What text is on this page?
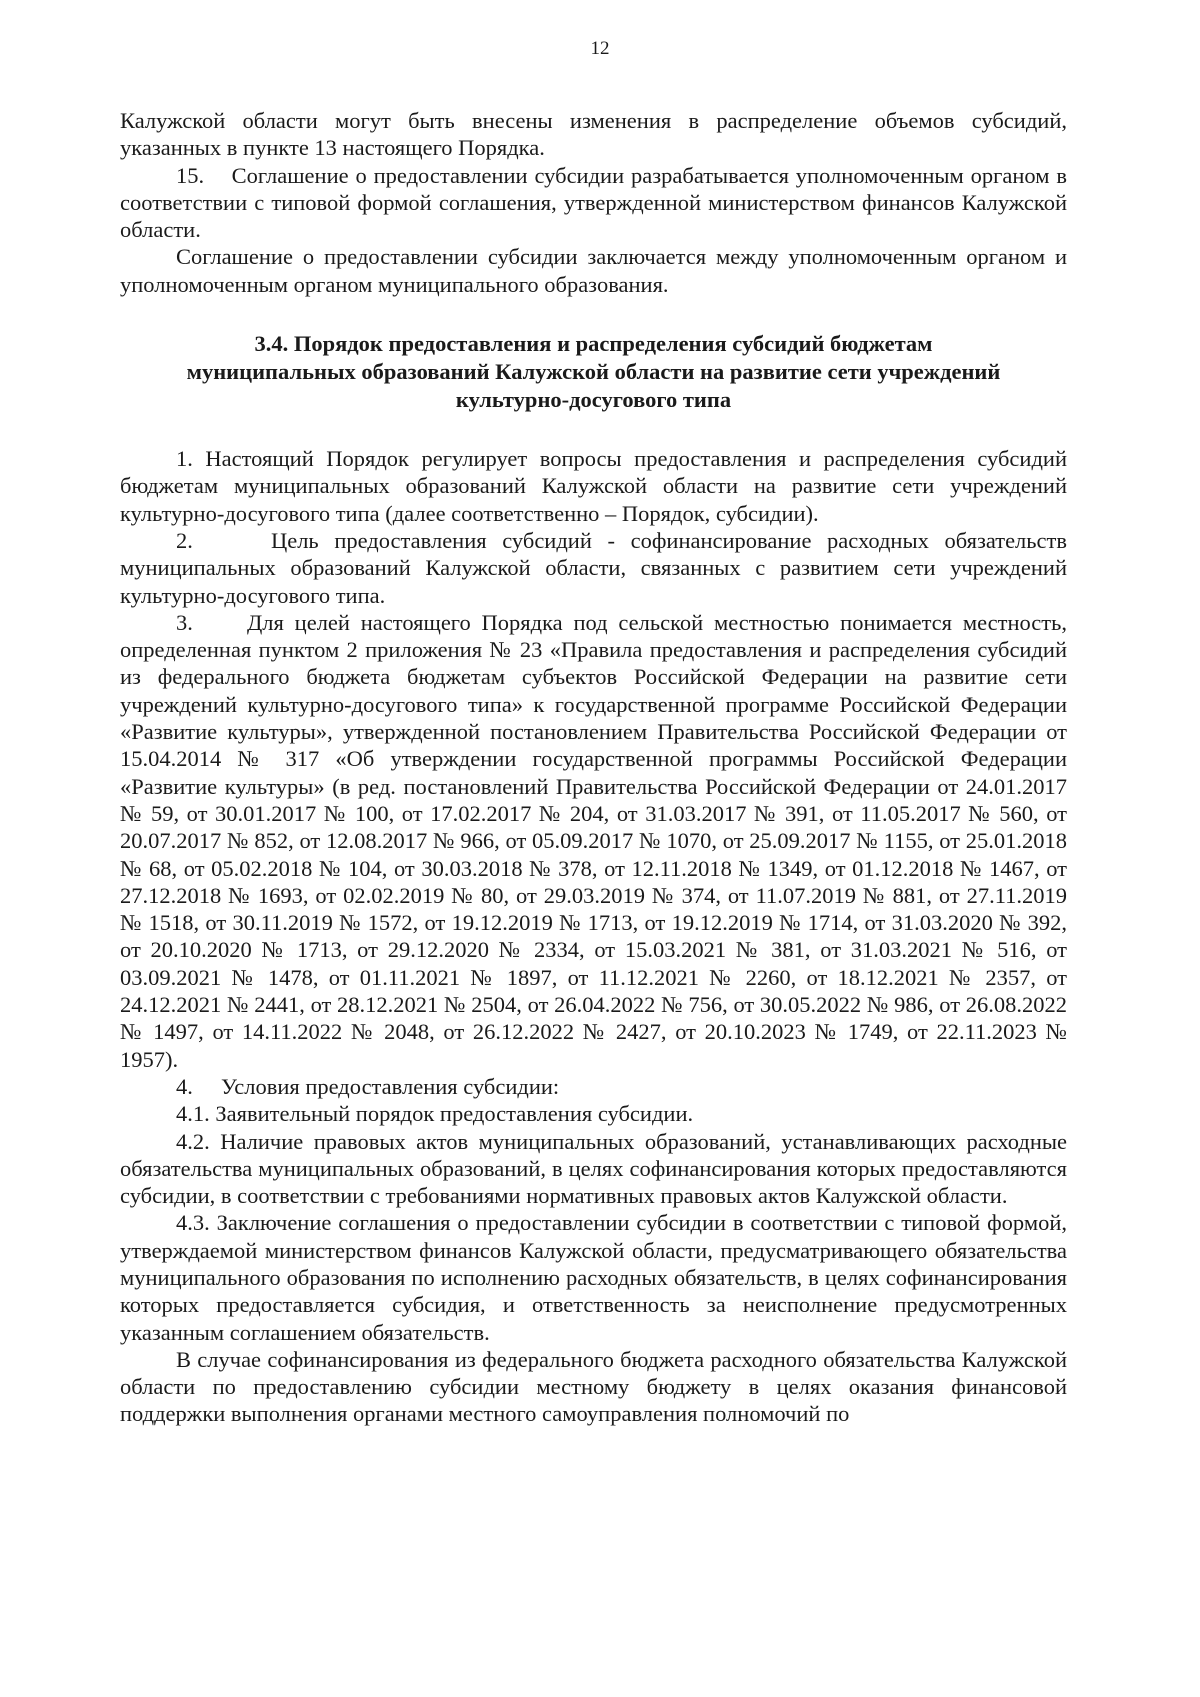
12

Калужской области могут быть внесены изменения в распределение объемов субсидий, указанных в пункте 13 настоящего Порядка.

15.    Соглашение о предоставлении субсидии разрабатывается уполномоченным органом в соответствии с типовой формой соглашения, утвержденной министерством финансов Калужской области.

Соглашение о предоставлении субсидии заключается между уполномоченным органом и уполномоченным органом муниципального образования.

3.4. Порядок предоставления и распределения субсидий бюджетам
муниципальных образований Калужской области на развитие сети учреждений
культурно-досугового типа

1. Настоящий Порядок регулирует вопросы предоставления и распределения субсидий бюджетам муниципальных образований Калужской области на развитие сети учреждений культурно-досугового типа (далее соответственно – Порядок, субсидии).

2.     Цель предоставления субсидий - софинансирование расходных обязательств муниципальных образований Калужской области, связанных с развитием сети учреждений культурно-досугового типа.

3.     Для целей настоящего Порядка под сельской местностью понимается местность, определенная пунктом 2 приложения № 23 «Правила предоставления и распределения субсидий из федерального бюджета бюджетам субъектов Российской Федерации на развитие сети учреждений культурно-досугового типа» к государственной программе Российской Федерации «Развитие культуры», утвержденной постановлением Правительства Российской Федерации от 15.04.2014 № 317 «Об утверждении государственной программы Российской Федерации «Развитие культуры» (в ред. постановлений Правительства Российской Федерации от 24.01.2017 № 59, от 30.01.2017 № 100, от 17.02.2017 № 204, от 31.03.2017 № 391, от 11.05.2017 № 560, от 20.07.2017 № 852, от 12.08.2017 № 966, от 05.09.2017 № 1070, от 25.09.2017 № 1155, от 25.01.2018 № 68, от 05.02.2018 № 104, от 30.03.2018 № 378, от 12.11.2018 № 1349, от 01.12.2018 № 1467, от 27.12.2018 № 1693, от 02.02.2019 № 80, от 29.03.2019 № 374, от 11.07.2019 № 881, от 27.11.2019 № 1518, от 30.11.2019 № 1572, от 19.12.2019 № 1713, от 19.12.2019 № 1714, от 31.03.2020 № 392, от 20.10.2020 № 1713, от 29.12.2020 № 2334, от 15.03.2021 № 381, от 31.03.2021 № 516, от 03.09.2021 № 1478, от 01.11.2021 № 1897, от 11.12.2021 № 2260, от 18.12.2021 № 2357, от 24.12.2021 № 2441, от 28.12.2021 № 2504, от 26.04.2022 № 756, от 30.05.2022 № 986, от 26.08.2022 № 1497, от 14.11.2022 № 2048, от 26.12.2022 № 2427, от 20.10.2023 № 1749, от 22.11.2023 № 1957).

4.     Условия предоставления субсидии:

4.1. Заявительный порядок предоставления субсидии.

4.2. Наличие правовых актов муниципальных образований, устанавливающих расходные обязательства муниципальных образований, в целях софинансирования которых предоставляются субсидии, в соответствии с требованиями нормативных правовых актов Калужской области.

4.3. Заключение соглашения о предоставлении субсидии в соответствии с типовой формой, утверждаемой министерством финансов Калужской области, предусматривающего обязательства муниципального образования по исполнению расходных обязательств, в целях софинансирования которых предоставляется субсидия, и ответственность за неисполнение предусмотренных указанным соглашением обязательств.

В случае софинансирования из федерального бюджета расходного обязательства Калужской области по предоставлению субсидии местному бюджету в целях оказания финансовой поддержки выполнения органами местного самоуправления полномочий по
